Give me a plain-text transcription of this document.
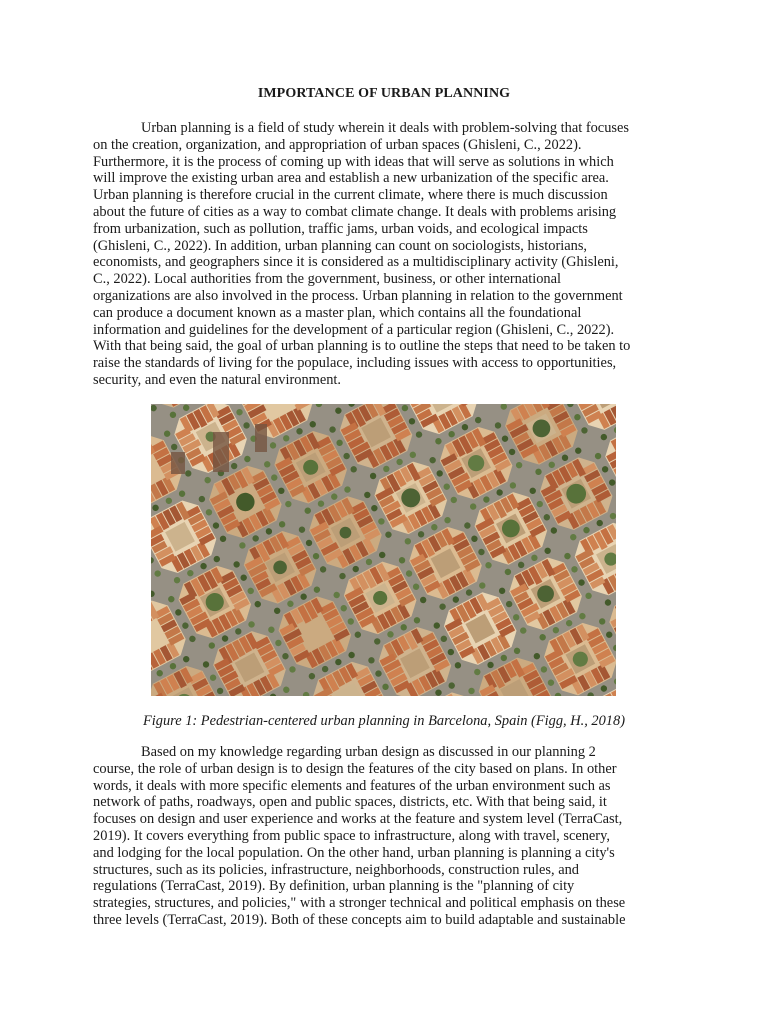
IMPORTANCE OF URBAN PLANNING
Urban planning is a field of study wherein it deals with problem-solving that focuses
on the creation, organization, and appropriation of urban spaces (Ghisleni, C., 2022).
Furthermore, it is the process of coming up with ideas that will serve as solutions in which
will improve the existing urban area and establish a new urbanization of the specific area.
Urban planning is therefore crucial in the current climate, where there is much discussion
about the future of cities as a way to combat climate change. It deals with problems arising
from urbanization, such as pollution, traffic jams, urban voids, and ecological impacts
(Ghisleni, C., 2022). In addition, urban planning can count on sociologists, historians,
economists, and geographers since it is considered as a multidisciplinary activity (Ghisleni,
C., 2022). Local authorities from the government, business, or other international
organizations are also involved in the process. Urban planning in relation to the government
can produce a document known as a master plan, which contains all the foundational
information and guidelines for the development of a particular region (Ghisleni, C., 2022).
With that being said, the goal of urban planning is to outline the steps that need to be taken to
raise the standards of living for the populace, including issues with access to opportunities,
security, and even the natural environment.
Figure 1: Pedestrian-centered urban planning in Barcelona, Spain (Figg, H., 2018)
Based on my knowledge regarding urban design as discussed in our planning 2
course, the role of urban design is to design the features of the city based on plans. In other
words, it deals with more specific elements and features of the urban environment such as
network of paths, roadways, open and public spaces, districts, etc. With that being said, it
focuses on design and user experience and works at the feature and system level (TerraCast,
2019). It covers everything from public space to infrastructure, along with travel, scenery,
and lodging for the local population. On the other hand, urban planning is planning a city's
structures, such as its policies, infrastructure, neighborhoods, construction rules, and
regulations (TerraCast, 2019). By definition, urban planning is the "planning of city
strategies, structures, and policies," with a stronger technical and political emphasis on these
three levels (TerraCast, 2019). Both of these concepts aim to build adaptable and sustainable
